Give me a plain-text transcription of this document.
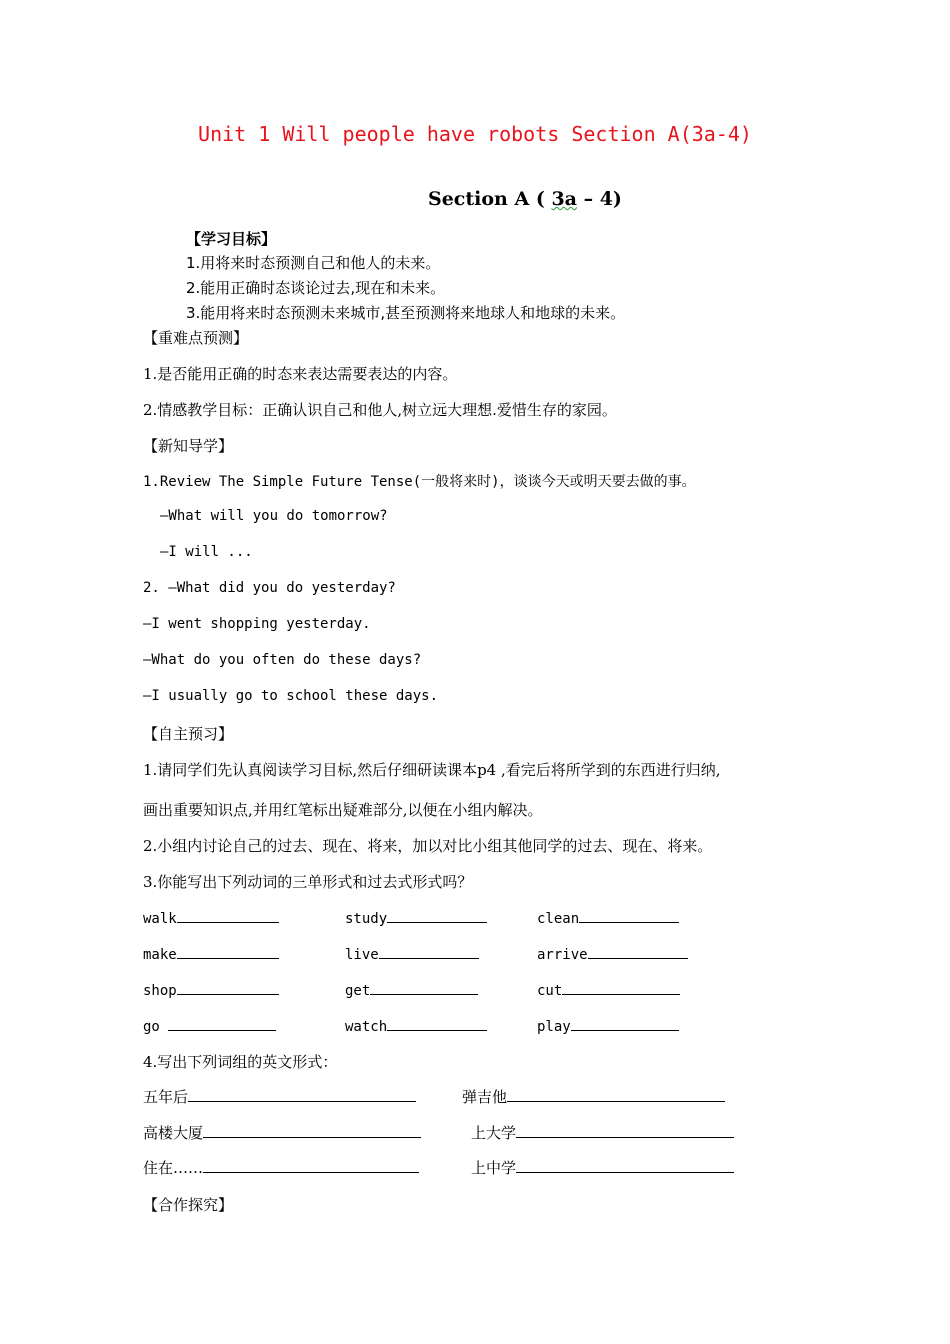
Unit 1 Will people have robots Section A(3a-4)
Section A ( 3a – 4)
【学习目标】
1.用将来时态预测自己和他人的未来。
2.能用正确时态谈论过去,现在和未来。
3.能用将来时态预测未来城市,甚至预测将来地球人和地球的未来。
【重难点预测】
1.是否能用正确的时态来表达需要表达的内容。
2.情感教学目标：正确认识自己和他人,树立远大理想.爱惜生存的家园。
【新知导学】
1.Review The Simple Future Tense(一般将来时)，谈谈今天或明天要去做的事。
—What will you do tomorrow?
—I will ...
2. —What did you do yesterday?
—I went shopping yesterday.
—What do you often do these days?
—I usually go to school these days.
【自主预习】
1.请同学们先认真阅读学习目标,然后仔细研读课本p4 ,看完后将所学到的东西进行归纳,
画出重要知识点,并用红笔标出疑难部分,以便在小组内解决。
2.小组内讨论自己的过去、现在、将来，加以对比小组其他同学的过去、现在、将来。
3.你能写出下列动词的三单形式和过去式形式吗？
walk	study	clean
make	live	arrive
shop	get	cut
go	watch	play
4.写出下列词组的英文形式：
五年后	弹吉他
高楼大厦	上大学
住在……	上中学
【合作探究】
